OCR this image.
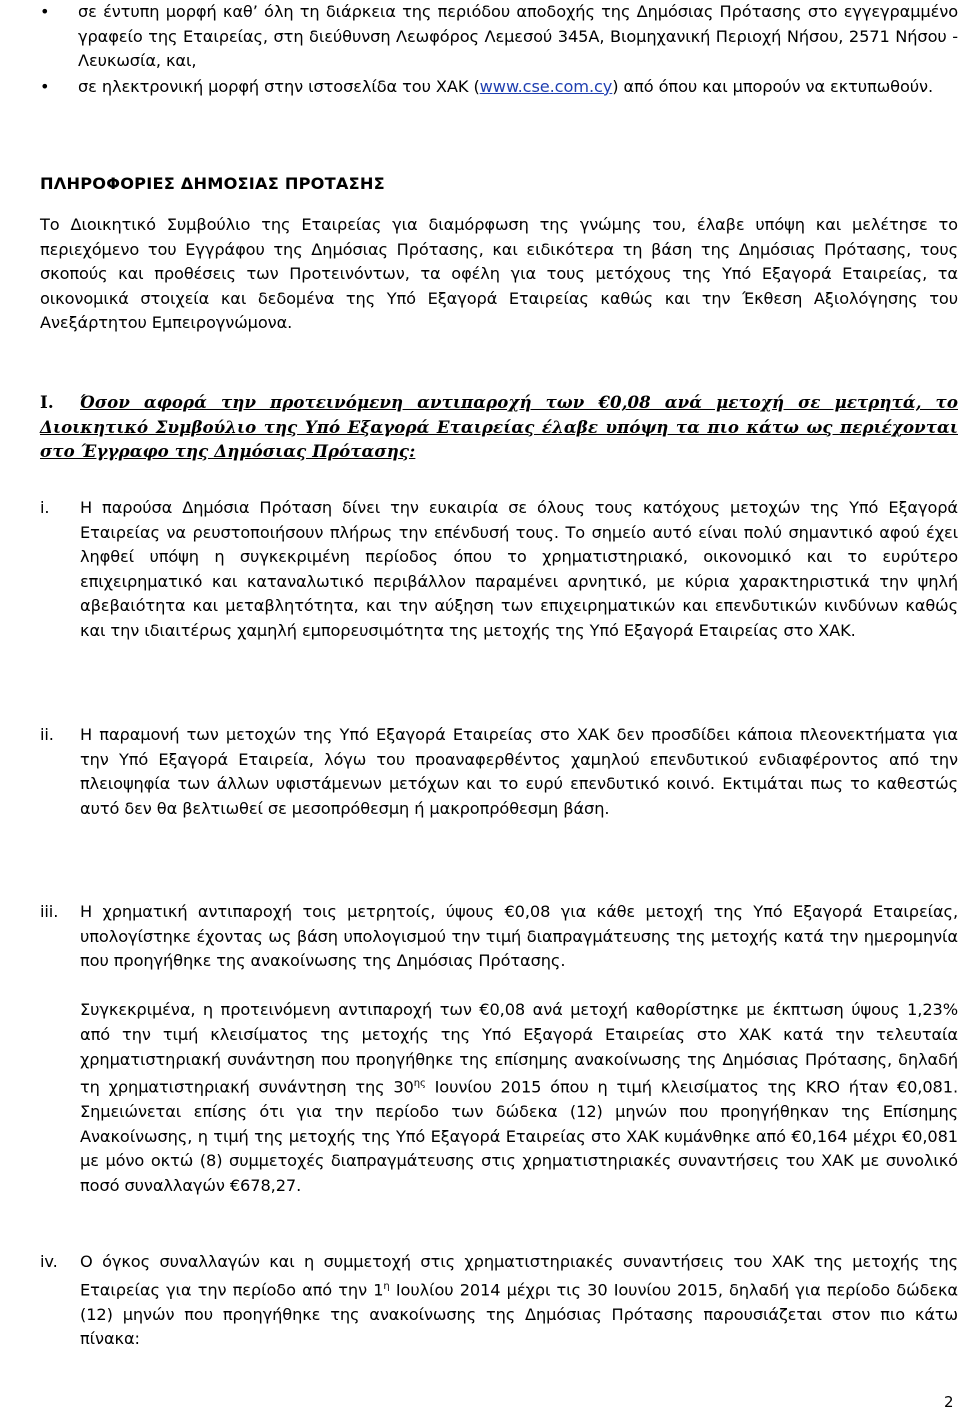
• σε έντυπη μορφή καθ’ όλη τη διάρκεια της περιόδου αποδοχής της Δημόσιας Πρότασης στο εγγεγραμμένο γραφείο της Εταιρείας, στη διεύθυνση Λεωφόρος Λεμεσού 345Α, Βιομηχανική Περιοχή Νήσου, 2571 Νήσου - Λευκωσία, και,
• σε ηλεκτρονική μορφή στην ιστοσελίδα του ΧΑΚ (www.cse.com.cy) από όπου και μπορούν να εκτυπωθούν.
ΠΛΗΡΟΦΟΡΙΕΣ ΔΗΜΟΣΙΑΣ ΠΡΟΤΑΣΗΣ

Το Διοικητικό Συμβούλιο της Εταιρείας για διαμόρφωση της γνώμης του, έλαβε υπόψη και μελέτησε το περιεχόμενο του Εγγράφου της Δημόσιας Πρότασης, και ειδικότερα τη βάση της Δημόσιας Πρότασης, τους σκοπούς και προθέσεις των Προτεινόντων, τα οφέλη για τους μετόχους της Υπό Εξαγορά Εταιρείας, τα οικονομικά στοιχεία και δεδομένα της Υπό Εξαγορά Εταιρείας καθώς και την Έκθεση Αξιολόγησης του Ανεξάρτητου Εμπειρογνώμονα.

I. Όσον αφορά την προτεινόμενη αντιπαροχή των €0,08 ανά μετοχή σε μετρητά, το Διοικητικό Συμβούλιο της Υπό Εξαγορά Εταιρείας έλαβε υπόψη τα πιο κάτω ως περιέχονται στο Έγγραφο της Δημόσιας Πρότασης:
i. Η παρούσα Δημόσια Πρόταση δίνει την ευκαιρία σε όλους τους κατόχους μετοχών της Υπό Εξαγορά Εταιρείας να ρευστοποιήσουν πλήρως την επένδυσή τους. Το σημείο αυτό είναι πολύ σημαντικό αφού έχει ληφθεί υπόψη η συγκεκριμένη περίοδος όπου το χρηματιστηριακό, οικονομικό και το ευρύτερο επιχειρηματικό και καταναλωτικό περιβάλλον παραμένει αρνητικό, με κύρια χαρακτηριστικά την ψηλή αβεβαιότητα και μεταβλητότητα, και την αύξηση των επιχειρηματικών και επενδυτικών κινδύνων καθώς και την ιδιαιτέρως χαμηλή εμπορευσιμότητα της μετοχής της Υπό Εξαγορά Εταιρείας στο ΧΑΚ.

ii. Η παραμονή των μετοχών της Υπό Εξαγορά Εταιρείας στο ΧΑΚ δεν προσδίδει κάποια πλεονεκτήματα για την Υπό Εξαγορά Εταιρεία, λόγω του προαναφερθέντος χαμηλού επενδυτικού ενδιαφέροντος από την πλειοψηφία των άλλων υφιστάμενων μετόχων και το ευρύ επενδυτικό κοινό. Εκτιμάται πως το καθεστώς αυτό δεν θα βελτιωθεί σε μεσοπρόθεσμη ή μακροπρόθεσμη βάση.

iii. Η χρηματική αντιπαροχή τοις μετρητοίς, ύψους €0,08 για κάθε μετοχή της Υπό Εξαγορά Εταιρείας, υπολογίστηκε έχοντας ως βάση υπολογισμού την τιμή διαπραγμάτευσης της μετοχής κατά την ημερομηνία που προηγήθηκε της ανακοίνωσης της Δημόσιας Πρότασης.

Συγκεκριμένα, η προτεινόμενη αντιπαροχή των €0,08 ανά μετοχή καθορίστηκε με έκπτωση ύψους 1,23% από την τιμή κλεισίματος της μετοχής της Υπό Εξαγορά Εταιρείας στο ΧΑΚ κατά την τελευταία χρηματιστηριακή συνάντηση που προηγήθηκε της επίσημης ανακοίνωσης της Δημόσιας Πρότασης, δηλαδή τη χρηματιστηριακή συνάντηση της $30^{\eta\varsigma}$ Ιουνίου 2015 όπου η τιμή κλεισίματος της KRO ήταν €0,081. Σημειώνεται επίσης ότι για την περίοδο των δώδεκα (12) μηνών που προηγήθηκαν της Επίσημης Ανακοίνωσης, η τιμή της μετοχής της Υπό Εξαγορά Εταιρείας στο ΧΑΚ κυμάνθηκε από €0,164 μέχρι €0,081 με μόνο οκτώ (8) συμμετοχές διαπραγμάτευσης στις χρηματιστηριακές συναντήσεις του ΧΑΚ με συνολικό ποσό συναλλαγών €678,27.

iv. Ο όγκος συναλλαγών και η συμμετοχή στις χρηματιστηριακές συναντήσεις του ΧΑΚ της μετοχής της Εταιρείας για την περίοδο από την $1^\eta$ Ιουλίου 2014 μέχρι τις 30 Ιουνίου 2015, δηλαδή για περίοδο δώδεκα (12) μηνών που προηγήθηκε της ανακοίνωσης της Δημόσιας Πρότασης παρουσιάζεται στον πιο κάτω πίνακα:

2
